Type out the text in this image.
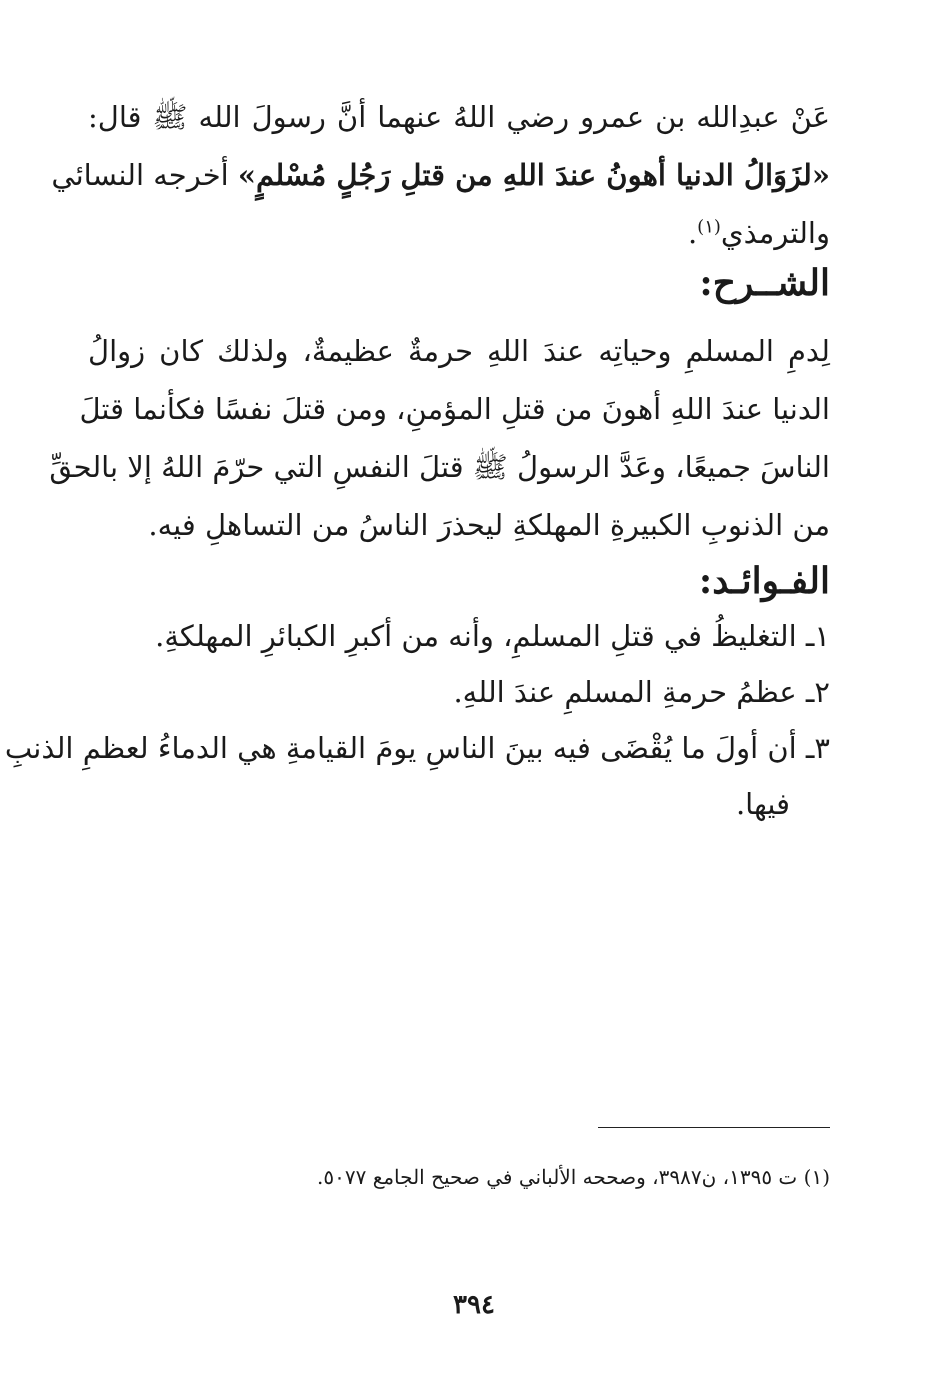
عَنْ عبدِالله بن عمرو رضي اللهُ عنهما أنَّ رسولَ الله ﷺ قال:
«لزَوَالُ الدنيا أهونُ عندَ اللهِ من قتلِ رَجُلٍ مُسْلمٍ» أخرجه النسائي
والترمذي$^{(١)}$.
الشــرح:
لِدمِ المسلمِ وحياتِه عندَ اللهِ حرمةٌ عظيمةٌ، ولذلك كان زوالُ
الدنيا عندَ اللهِ أهونَ من قتلِ المؤمنِ، ومن قتلَ نفسًا فكأنما قتلَ
الناسَ جميعًا، وعَدَّ الرسولُ ﷺ قتلَ النفسِ التي حرّمَ اللهُ إلا بالحقِّ
من الذنوبِ الكبيرةِ المهلكةِ ليحذرَ الناسُ من التساهلِ فيه.
الفـوائـد:
١ـ التغليظُ في قتلِ المسلمِ، وأنه من أكبرِ الكبائرِ المهلكةِ.
٢ـ عظمُ حرمةِ المسلمِ عندَ اللهِ.
٣ـ أن أولَ ما يُقْضَى فيه بينَ الناسِ يومَ القيامةِ هي الدماءُ لعظمِ الذنبِ
فيها.
(١) ت ١٣٩٥، ن٣٩٨٧، وصححه الألباني في صحيح الجامع ٥٠٧٧.
٣٩٤
